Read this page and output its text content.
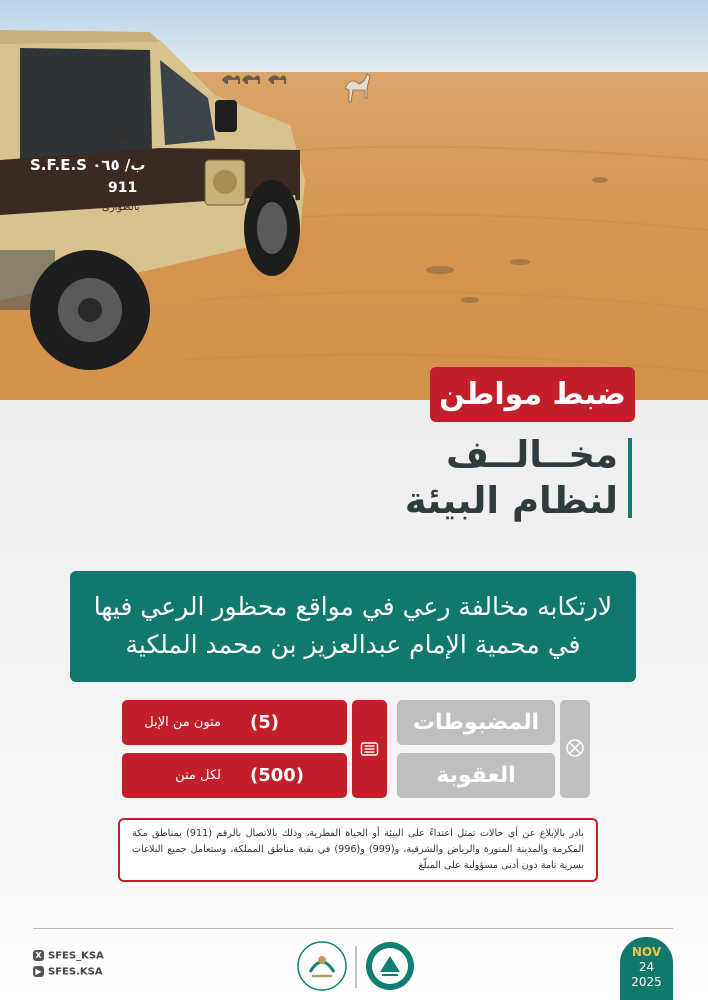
S.F.E.S ب/ ٠٦٥
اتصل
911
بالطوارئ
ضبط مواطن
مخــالــف
لنظام البيئة
لارتكابه مخالفة رعي في مواقع محظور الرعي فيها
في محمية الإمام عبدالعزيز بن محمد الملكية
المضبوطات
العقوبة
(5)
متون من الإبل
(500)
لكل متن
بادر بالإبلاغ عن أي حالات تمثل اعتداءً على البيئة أو الحياة الفطرية، وذلك بالاتصال بالرقم (911) بمناطق مكة المكرمة والمدينة المنورة والرياض والشرقية، و(999) و(996) في بقية مناطق المملكة، وستعامل جميع البلاغات بسرية تامة دون أدنى مسؤولية على المبلّغ
X SFES_KSA
▶ SFES.KSA
NOV
24
2025
